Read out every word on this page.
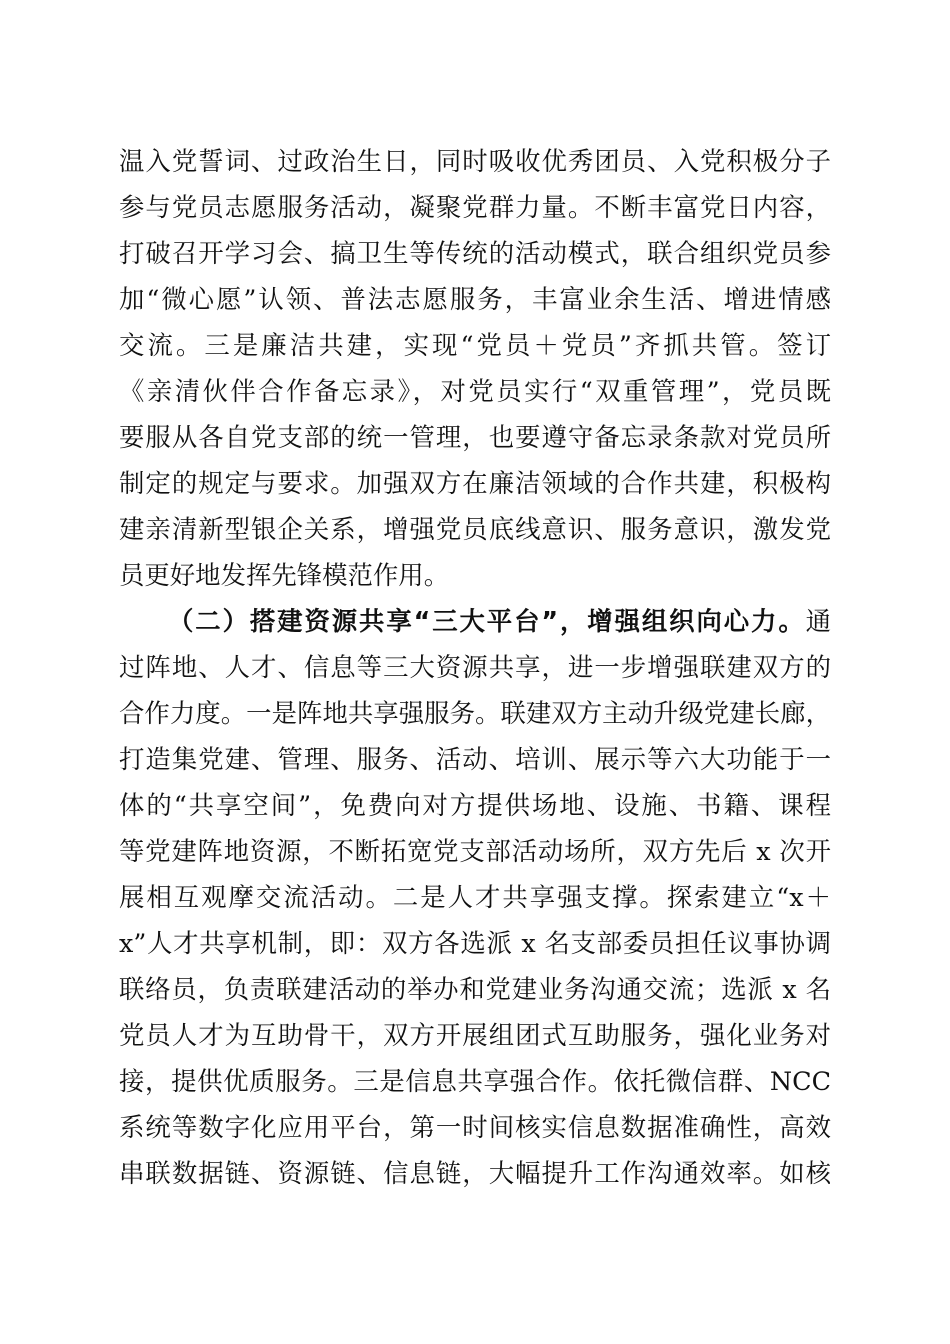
温入党誓词、过政治生日，同时吸收优秀团员、入党积极分子
参与党员志愿服务活动，凝聚党群力量。不断丰富党日内容，
打破召开学习会、搞卫生等传统的活动模式，联合组织党员参
加“微心愿”认领、普法志愿服务，丰富业余生活、增进情感
交流。三是廉洁共建，实现“党员＋党员”齐抓共管。签订
《亲清伙伴合作备忘录》，对党员实行“双重管理”，党员既
要服从各自党支部的统一管理，也要遵守备忘录条款对党员所
制定的规定与要求。加强双方在廉洁领域的合作共建，积极构
建亲清新型银企关系，增强党员底线意识、服务意识，激发党
员更好地发挥先锋模范作用。
（二）搭建资源共享“三大平台”，增强组织向心力。通
过阵地、人才、信息等三大资源共享，进一步增强联建双方的
合作力度。一是阵地共享强服务。联建双方主动升级党建长廊，
打造集党建、管理、服务、活动、培训、展示等六大功能于一
体的“共享空间”，免费向对方提供场地、设施、书籍、课程
等党建阵地资源，不断拓宽党支部活动场所，双方先后 x 次开
展相互观摩交流活动。二是人才共享强支撑。探索建立“x＋
x”人才共享机制，即：双方各选派 x 名支部委员担任议事协调
联络员，负责联建活动的举办和党建业务沟通交流；选派 x 名
党员人才为互助骨干，双方开展组团式互助服务，强化业务对
接，提供优质服务。三是信息共享强合作。依托微信群、NCC
系统等数字化应用平台，第一时间核实信息数据准确性，高效
串联数据链、资源链、信息链，大幅提升工作沟通效率。如核
